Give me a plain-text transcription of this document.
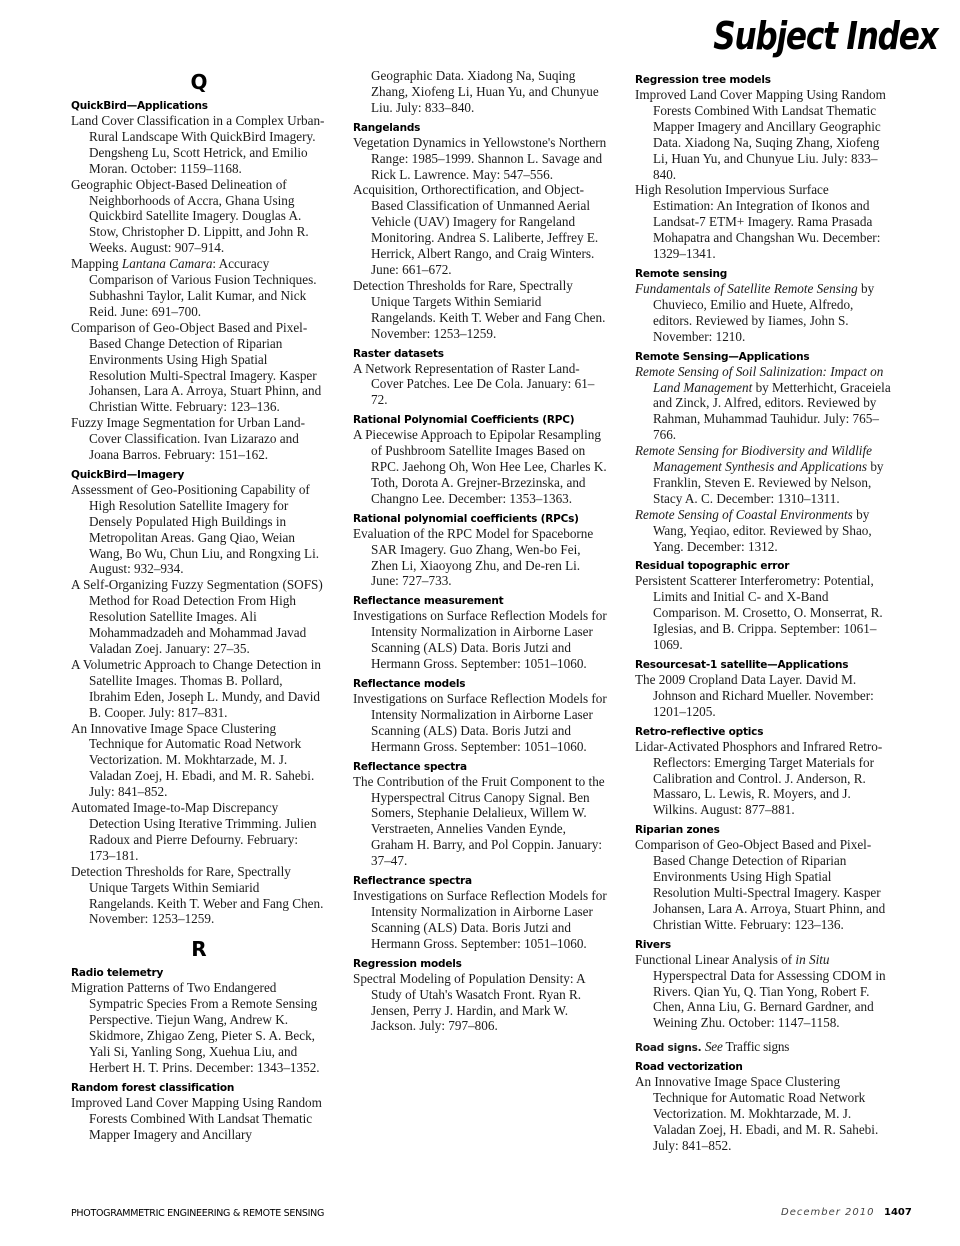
Subject Index
Q
QuickBird—Applications

Land Cover Classification in a Complex Urban-Rural Landscape With QuickBird Imagery. Dengsheng Lu, Scott Hetrick, and Emilio Moran. October: 1159–1168.

Geographic Object-Based Delineation of Neighborhoods of Accra, Ghana Using Quickbird Satellite Imagery. Douglas A. Stow, Christopher D. Lippitt, and John R. Weeks. August: 907–914.

Mapping Lantana Camara: Accuracy Comparison of Various Fusion Techniques. Subhashni Taylor, Lalit Kumar, and Nick Reid. June: 691–700.

Comparison of Geo-Object Based and Pixel-Based Change Detection of Riparian Environments Using High Spatial Resolution Multi-Spectral Imagery. Kasper Johansen, Lara A. Arroya, Stuart Phinn, and Christian Witte. February: 123–136.

Fuzzy Image Segmentation for Urban Land-Cover Classification. Ivan Lizarazo and Joana Barros. February: 151–162.

QuickBird—Imagery

Assessment of Geo-Positioning Capability of High Resolution Satellite Imagery for Densely Populated High Buildings in Metropolitan Areas. Gang Qiao, Weian Wang, Bo Wu, Chun Liu, and Rongxing Li. August: 932–934.

A Self-Organizing Fuzzy Segmentation (SOFS) Method for Road Detection From High Resolution Satellite Images. Ali Mohammadzadeh and Mohammad Javad Valadan Zoej. January: 27–35.

A Volumetric Approach to Change Detection in Satellite Images. Thomas B. Pollard, Ibrahim Eden, Joseph L. Mundy, and David B. Cooper. July: 817–831.

An Innovative Image Space Clustering Technique for Automatic Road Network Vectorization. M. Mokhtarzade, M. J. Valadan Zoej, H. Ebadi, and M. R. Sahebi. July: 841–852.

Automated Image-to-Map Discrepancy Detection Using Iterative Trimming. Julien Radoux and Pierre Defourny. February: 173–181.

Detection Thresholds for Rare, Spectrally Unique Targets Within Semiarid Rangelands. Keith T. Weber and Fang Chen. November: 1253–1259.

R
Radio telemetry

Migration Patterns of Two Endangered Sympatric Species From a Remote Sensing Perspective. Tiejun Wang, Andrew K. Skidmore, Zhigao Zeng, Pieter S. A. Beck, Yali Si, Yanling Song, Xuehua Liu, and Herbert H. T. Prins. December: 1343–1352.

Random forest classification

Improved Land Cover Mapping Using Random Forests Combined With Landsat Thematic Mapper Imagery and Ancillary

Geographic Data. Xiadong Na, Suqing Zhang, Xiofeng Li, Huan Yu, and Chunyue Liu. July: 833–840.

Rangelands

Vegetation Dynamics in Yellowstone's Northern Range: 1985–1999. Shannon L. Savage and Rick L. Lawrence. May: 547–556.

Acquisition, Orthorectification, and Object-Based Classification of Unmanned Aerial Vehicle (UAV) Imagery for Rangeland Monitoring. Andrea S. Laliberte, Jeffrey E. Herrick, Albert Rango, and Craig Winters. June: 661–672.

Detection Thresholds for Rare, Spectrally Unique Targets Within Semiarid Rangelands. Keith T. Weber and Fang Chen. November: 1253–1259.

Raster datasets

A Network Representation of Raster Land-Cover Patches. Lee De Cola. January: 61–72.

Rational Polynomial Coefficients (RPC)

A Piecewise Approach to Epipolar Resampling of Pushbroom Satellite Images Based on RPC. Jaehong Oh, Won Hee Lee, Charles K. Toth, Dorota A. Grejner-Brzezinska, and Changno Lee. December: 1353–1363.

Rational polynomial coefficients (RPCs)

Evaluation of the RPC Model for Spaceborne SAR Imagery. Guo Zhang, Wen-bo Fei, Zhen Li, Xiaoyong Zhu, and De-ren Li. June: 727–733.

Reflectance measurement

Investigations on Surface Reflection Models for Intensity Normalization in Airborne Laser Scanning (ALS) Data. Boris Jutzi and Hermann Gross. September: 1051–1060.

Reflectance models

Investigations on Surface Reflection Models for Intensity Normalization in Airborne Laser Scanning (ALS) Data. Boris Jutzi and Hermann Gross. September: 1051–1060.

Reflectance spectra

The Contribution of the Fruit Component to the Hyperspectral Citrus Canopy Signal. Ben Somers, Stephanie Delalieux, Willem W. Verstraeten, Annelies Vanden Eynde, Graham H. Barry, and Pol Coppin. January: 37–47.

Reflectrance spectra

Investigations on Surface Reflection Models for Intensity Normalization in Airborne Laser Scanning (ALS) Data. Boris Jutzi and Hermann Gross. September: 1051–1060.

Regression models

Spectral Modeling of Population Density: A Study of Utah's Wasatch Front. Ryan R. Jensen, Perry J. Hardin, and Mark W. Jackson. July: 797–806.

Regression tree models

Improved Land Cover Mapping Using Random Forests Combined With Landsat Thematic Mapper Imagery and Ancillary Geographic Data. Xiadong Na, Suqing Zhang, Xiofeng Li, Huan Yu, and Chunyue Liu. July: 833–840.

High Resolution Impervious Surface Estimation: An Integration of Ikonos and Landsat-7 ETM+ Imagery. Rama Prasada Mohapatra and Changshan Wu. December: 1329–1341.

Remote sensing

Fundamentals of Satellite Remote Sensing by Chuvieco, Emilio and Huete, Alfredo, editors. Reviewed by Iiames, John S. November: 1210.

Remote Sensing—Applications

Remote Sensing of Soil Salinization: Impact on Land Management by Metterhicht, Graceiela and Zinck, J. Alfred, editors. Reviewed by Rahman, Muhammad Tauhidur. July: 765–766.

Remote Sensing for Biodiversity and Wildlife Management Synthesis and Applications by Franklin, Steven E. Reviewed by Nelson, Stacy A. C. December: 1310–1311.

Remote Sensing of Coastal Environments by Wang, Yeqiao, editor. Reviewed by Shao, Yang. December: 1312.

Residual topographic error

Persistent Scatterer Interferometry: Potential, Limits and Initial C- and X-Band Comparison. M. Crosetto, O. Monserrat, R. Iglesias, and B. Crippa. September: 1061–1069.

Resourcesat-1 satellite—Applications

The 2009 Cropland Data Layer. David M. Johnson and Richard Mueller. November: 1201–1205.

Retro-reflective optics

Lidar-Activated Phosphors and Infrared Retro-Reflectors: Emerging Target Materials for Calibration and Control. J. Anderson, R. Massaro, L. Lewis, R. Moyers, and J. Wilkins. August: 877–881.

Riparian zones

Comparison of Geo-Object Based and Pixel-Based Change Detection of Riparian Environments Using High Spatial Resolution Multi-Spectral Imagery. Kasper Johansen, Lara A. Arroya, Stuart Phinn, and Christian Witte. February: 123–136.

Rivers

Functional Linear Analysis of in Situ Hyperspectral Data for Assessing CDOM in Rivers. Qian Yu, Q. Tian Yong, Robert F. Chen, Anna Liu, G. Bernard Gardner, and Weining Zhu. October: 1147–1158.

Road signs. See Traffic signs
Road vectorization

An Innovative Image Space Clustering Technique for Automatic Road Network Vectorization. M. Mokhtarzade, M. J. Valadan Zoej, H. Ebadi, and M. R. Sahebi. July: 841–852.

PHOTOGRAMMETRIC ENGINEERING & REMOTE SENSING	December 2010 1407
